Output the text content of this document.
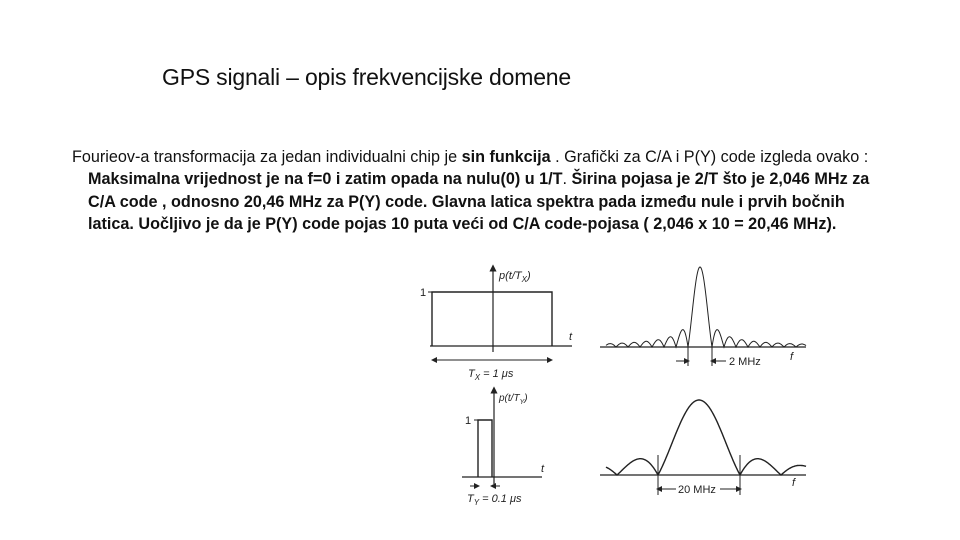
GPS signali – opis frekvencijske domene
Fourieov-a transformacija za jedan individualni chip je sin funkcija . Grafički za C/A i P(Y) code izgleda ovako : Maksimalna vrijednost je na f=0 i zatim opada na nulu(0) u 1/T. Širina pojasa je 2/T što je 2,046 MHz za C/A code , odnosno 20,46 MHz za P(Y) code. Glavna latica spektra pada između nule i prvih bočnih latica. Uočljivo je da je P(Y) code pojas 10 puta veći od C/A code-pojasa ( 2,046 x 10 = 20,46 MHz).
1
$p(t/T_X)$
t
$T_X = 1$ μs
2 MHz	f
1
$p(t/T_Y)$
t
$T_Y = 0.1$ μs
20 MHz
f
